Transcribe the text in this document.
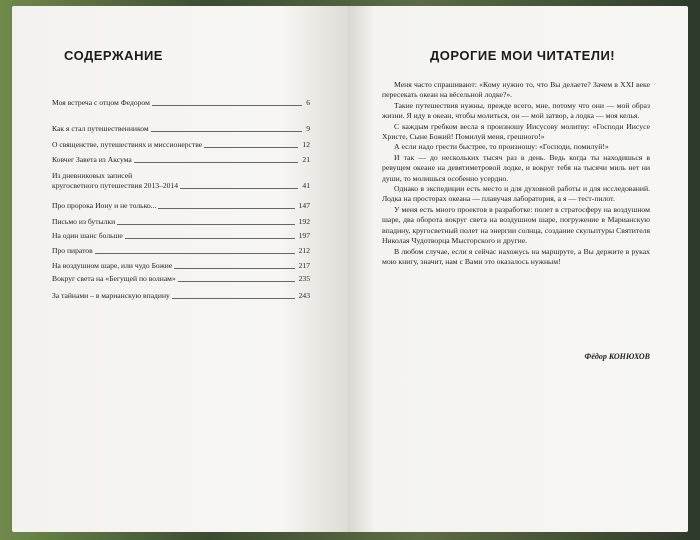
СОДЕРЖАНИЕ
Моя встреча с отцом Федором	6
Как я стал путешественником	9
О священстве, путешествиях и миссионерстве	12
Ковчег Завета из Аксума	21
Из дневниковых записей
кругосветного путешествия 2013–2014	41
Про пророка Иону и не только...	147
Письмо из бутылки	192
На один шанс больше	197
Про пиратов	212
На воздушном шаре, или чудо Божие	217
Вокруг света на «Бегущей по волнам»	235
За тайнами – в марианскую впадину	243
ДОРОГИЕ МОИ ЧИТАТЕЛИ!

Меня часто спрашивают: «Кому нужно то, что Вы делаете? Зачем в XXI веке пересекать океан на вёсельной лодке?».

Такие путешествия нужны, прежде всего, мне, потому что они — мой образ жизни. Я иду в океан, чтобы молиться, он — мой затвор, а лодка — моя келья.

С каждым гребком весла я произношу Иисусову молитву: «Господи Иисусе Христе, Сыне Божий! Помилуй меня, грешного!»

А если надо грести быстрее, то произношу: «Господи, помилуй!»

И так — до нескольких тысяч раз в день. Ведь когда ты находишься в ревущем океане на девятиметровой лодке, и вокруг тебя на тысячи миль нет ни души, то молишься особенно усердно.

Однако в экспедиции есть место и для духовной работы и для исследований. Лодка на просторах океана — плавучая лаборатория, а я — тест-пилот.

У меня есть много проектов в разработке: полет в стратосферу на воздушном шаре, два оборота вокруг света на воздушном шаре, погружение в Марианскую впадину, кругосветный полет на энергии солнца, создание скульптуры Святителя Николая Чудотворца Мысгорского и другие.

В любом случае, если я сейчас нахожусь на маршруте, а Вы держите в руках мою книгу, значит, нам с Вами это оказалось нужным!

Фёдор КОНЮХОВ
